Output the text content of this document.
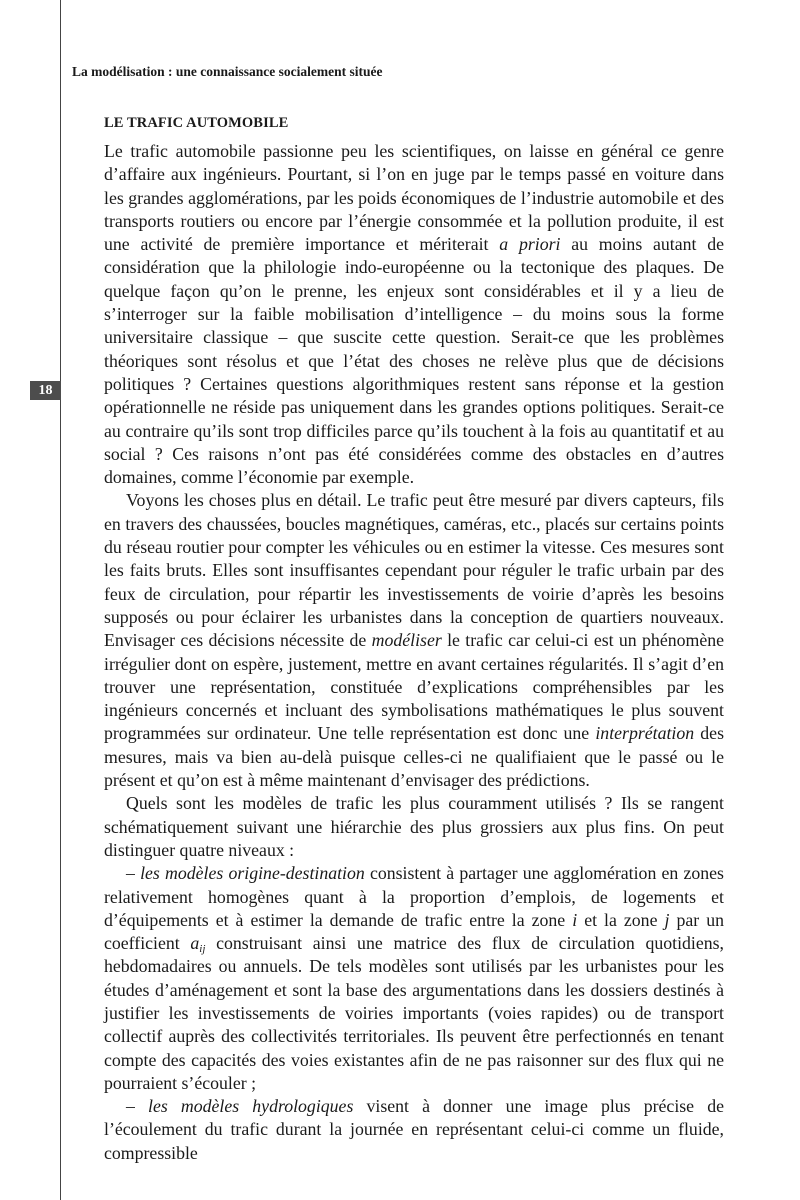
La modélisation : une connaissance socialement située
18
LE TRAFIC AUTOMOBILE

Le trafic automobile passionne peu les scientifiques, on laisse en général ce genre d’affaire aux ingénieurs. Pourtant, si l’on en juge par le temps passé en voiture dans les grandes agglomérations, par les poids économiques de l’industrie automobile et des transports routiers ou encore par l’énergie consommée et la pollution produite, il est une activité de première importance et mériterait a priori au moins autant de considération que la philologie indo-européenne ou la tectonique des plaques. De quelque façon qu’on le prenne, les enjeux sont considérables et il y a lieu de s’interroger sur la faible mobilisation d’intelligence – du moins sous la forme universitaire classique – que suscite cette question. Serait-ce que les problèmes théoriques sont résolus et que l’état des choses ne relève plus que de décisions politiques ? Certaines questions algorithmiques restent sans réponse et la gestion opérationnelle ne réside pas uniquement dans les grandes options politiques. Serait-ce au contraire qu’ils sont trop difficiles parce qu’ils touchent à la fois au quantitatif et au social ? Ces raisons n’ont pas été considérées comme des obstacles en d’autres domaines, comme l’économie par exemple.

Voyons les choses plus en détail. Le trafic peut être mesuré par divers capteurs, fils en travers des chaussées, boucles magnétiques, caméras, etc., placés sur certains points du réseau routier pour compter les véhicules ou en estimer la vitesse. Ces mesures sont les faits bruts. Elles sont insuffisantes cependant pour réguler le trafic urbain par des feux de circulation, pour répartir les investissements de voirie d’après les besoins supposés ou pour éclairer les urbanistes dans la conception de quartiers nouveaux. Envisager ces décisions nécessite de modéliser le trafic car celui-ci est un phénomène irrégulier dont on espère, justement, mettre en avant certaines régularités. Il s’agit d’en trouver une représentation, constituée d’explications compréhensibles par les ingénieurs concernés et incluant des symbolisations mathématiques le plus souvent programmées sur ordinateur. Une telle représentation est donc une interprétation des mesures, mais va bien au-delà puisque celles-ci ne qualifiaient que le passé ou le présent et qu’on est à même maintenant d’envisager des prédictions.

Quels sont les modèles de trafic les plus couramment utilisés ? Ils se rangent schématiquement suivant une hiérarchie des plus grossiers aux plus fins. On peut distinguer quatre niveaux :

– les modèles origine-destination consistent à partager une agglomération en zones relativement homogènes quant à la proportion d’emplois, de logements et d’équipements et à estimer la demande de trafic entre la zone i et la zone j par un coefficient $a_{ij}$ construisant ainsi une matrice des flux de circulation quotidiens, hebdomadaires ou annuels. De tels modèles sont utilisés par les urbanistes pour les études d’aménagement et sont la base des argumentations dans les dossiers destinés à justifier les investissements de voiries importants (voies rapides) ou de transport collectif auprès des collectivités territoriales. Ils peuvent être perfectionnés en tenant compte des capacités des voies existantes afin de ne pas raisonner sur des flux qui ne pourraient s’écouler ;

– les modèles hydrologiques visent à donner une image plus précise de l’écoulement du trafic durant la journée en représentant celui-ci comme un fluide, compressible
